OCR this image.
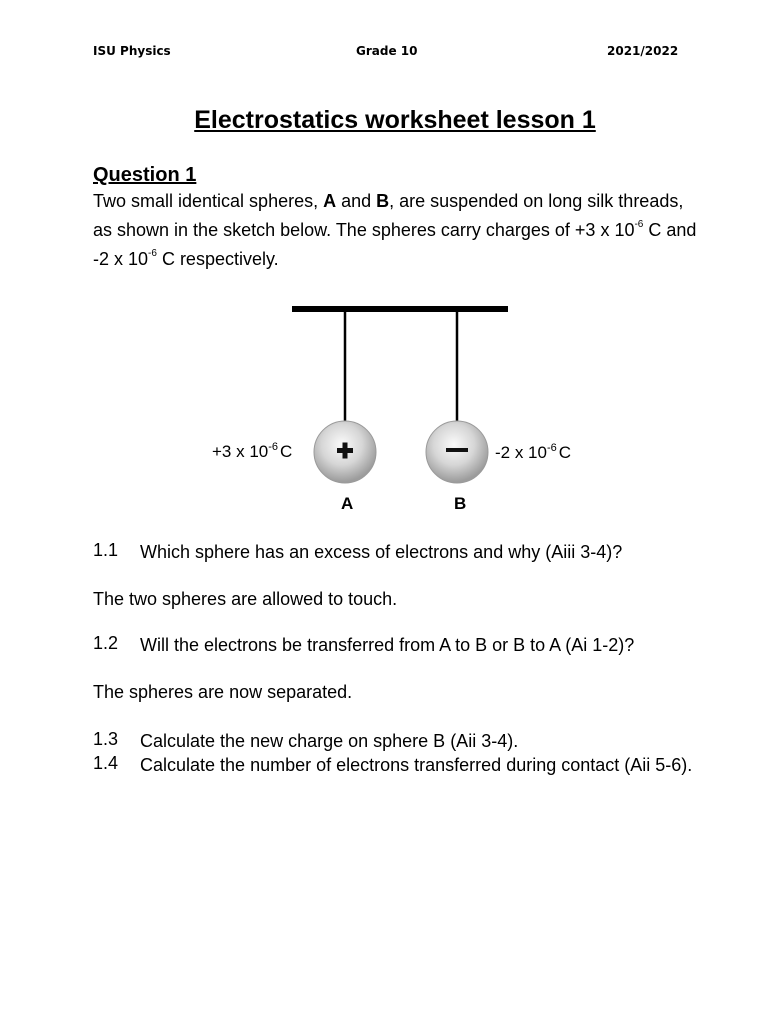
ISU Physics	Grade 10	2021/2022
Electrostatics worksheet lesson 1
Question 1
Two small identical spheres, A and B, are suspended on long silk threads, as shown in the sketch below. The spheres carry charges of +3 x $10^{-6}$ C and -2 x $10^{-6}$ C respectively.
+3 x $10^{-6}$ C	-2 x $10^{-6}$ C
A	B
1.1 Which sphere has an excess of electrons and why (Aiii 3-4)?
The two spheres are allowed to touch.
1.2 Will the electrons be transferred from A to B or B to A (Ai 1-2)?
The spheres are now separated.
1.3 Calculate the new charge on sphere B (Aii 3-4).
1.4 Calculate the number of electrons transferred during contact (Aii 5-6).
